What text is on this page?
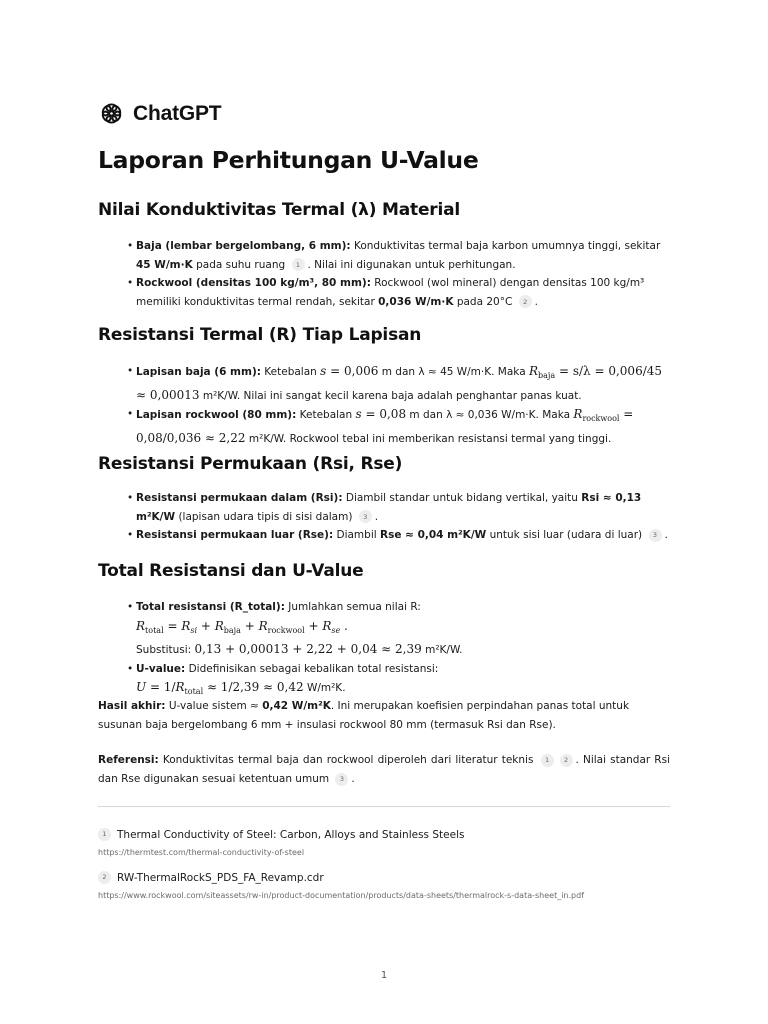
ChatGPT
Laporan Perhitungan U-Value
Nilai Konduktivitas Termal (λ) Material
• Baja (lembar bergelombang, 6 mm): Konduktivitas termal baja karbon umumnya tinggi, sekitar 45 W/m·K pada suhu ruang 1 . Nilai ini digunakan untuk perhitungan.
• Rockwool (densitas 100 kg/m³, 80 mm): Rockwool (wol mineral) dengan densitas 100 kg/m³ memiliki konduktivitas termal rendah, sekitar 0,036 W/m·K pada 20°C 2 .
Resistansi Termal (R) Tiap Lapisan
• Lapisan baja (6 mm): Ketebalan s = 0,006 m dan λ ≈ 45 W/m·K. Maka $R_{baja} = s/\lambda = 0,006/45 \approx 0,00013$ m²K/W. Nilai ini sangat kecil karena baja adalah penghantar panas kuat.
• Lapisan rockwool (80 mm): Ketebalan s = 0,08 m dan λ ≈ 0,036 W/m·K. Maka $R_{rockwool} = 0,08/0,036 \approx 2,22$ m²K/W. Rockwool tebal ini memberikan resistansi termal yang tinggi.
Resistansi Permukaan (Rsi, Rse)
• Resistansi permukaan dalam (Rsi): Diambil standar untuk bidang vertikal, yaitu Rsi ≈ 0,13 m²K/W (lapisan udara tipis di sisi dalam) 3 .
• Resistansi permukaan luar (Rse): Diambil Rse ≈ 0,04 m²K/W untuk sisi luar (udara di luar) 3 .
Total Resistansi dan U-Value
• Total resistansi (R_total): Jumlahkan semua nilai R:
$R_{total} = R_{si} + R_{baja} + R_{rockwool} + R_{se}$ .
Substitusi: 0,13 + 0,00013 + 2,22 + 0,04 ≈ 2,39 m²K/W.
• U-value: Didefinisikan sebagai kebalikan total resistansi:
$U = 1/R_{total} \approx 1/2,39 \approx 0,42$ W/m²K.

Hasil akhir: U-value sistem ≈ 0,42 W/m²K. Ini merupakan koefisien perpindahan panas total untuk susunan baja bergelombang 6 mm + insulasi rockwool 80 mm (termasuk Rsi dan Rse).

Referensi: Konduktivitas termal baja dan rockwool diperoleh dari literatur teknis 1 2 . Nilai standar Rsi dan Rse digunakan sesuai ketentuan umum 3 .

1 Thermal Conductivity of Steel: Carbon, Alloys and Stainless Steels
https://thermtest.com/thermal-conductivity-of-steel
2 RW-ThermalRockS_PDS_FA_Revamp.cdr
https://www.rockwool.com/siteassets/rw-in/product-documentation/products/data-sheets/thermalrock-s-data-sheet_in.pdf
1
